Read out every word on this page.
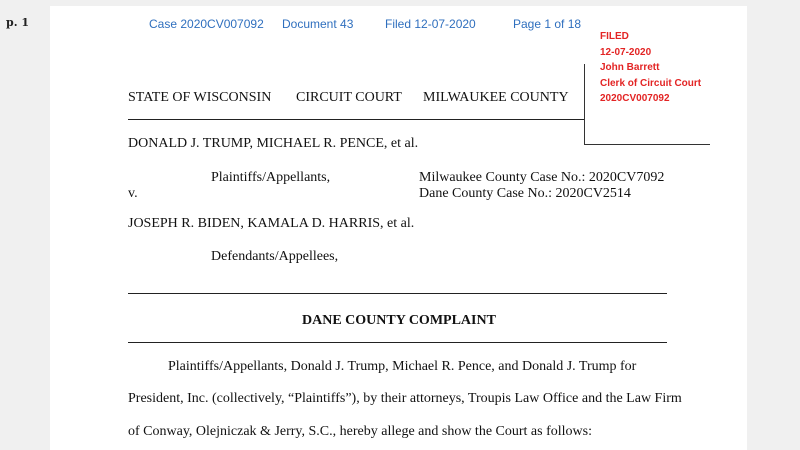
p. 1	Case 2020CV007092 Document 43	Filed 12-07-2020	Page 1 of 18
FILED
12-07-2020
John Barrett
Clerk of Circuit Court
2020CV007092
STATE OF WISCONSIN CIRCUIT COURT MILWAUKEE COUNTY
DONALD J. TRUMP, MICHAEL R. PENCE, et al.
Plaintiffs/Appellants,	Milwaukee County Case No.: 2020CV7092
v.	Dane County Case No.: 2020CV2514
JOSEPH R. BIDEN, KAMALA D. HARRIS, et al.
Defendants/Appellees,
DANE COUNTY COMPLAINT
Plaintiffs/Appellants, Donald J. Trump, Michael R. Pence, and Donald J. Trump for
President, Inc. (collectively, “Plaintiffs”), by their attorneys, Troupis Law Office and the Law Firm
of Conway, Olejniczak & Jerry, S.C., hereby allege and show the Court as follows:
